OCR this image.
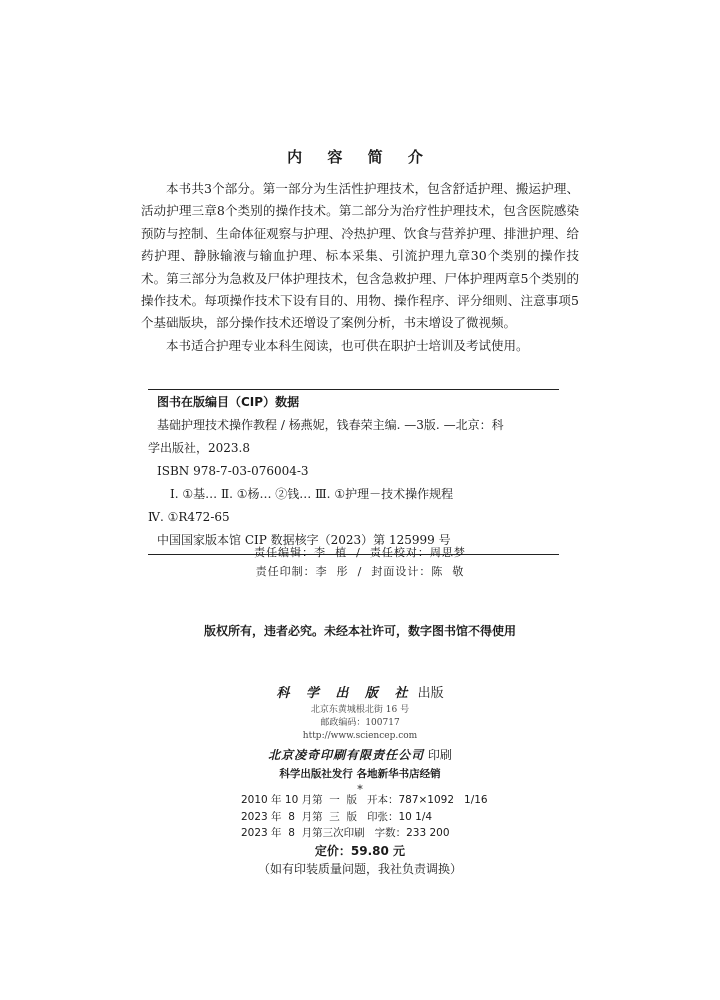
内 容 简 介

本书共3个部分。第一部分为生活性护理技术，包含舒适护理、搬运护理、活动护理三章8个类别的操作技术。第二部分为治疗性护理技术，包含医院感染预防与控制、生命体征观察与护理、冷热护理、饮食与营养护理、排泄护理、给药护理、静脉输液与输血护理、标本采集、引流护理九章30个类别的操作技术。第三部分为急救及尸体护理技术，包含急救护理、尸体护理两章5个类别的操作技术。每项操作技术下设有目的、用物、操作程序、评分细则、注意事项5个基础版块，部分操作技术还增设了案例分析，书末增设了微视频。

本书适合护理专业本科生阅读，也可供在职护士培训及考试使用。

图书在版编目（CIP）数据
基础护理技术操作教程 / 杨燕妮，钱春荣主编. —3版. —北京：科
学出版社，2023.8
ISBN 978-7-03-076004-3
Ⅰ. ①基… Ⅱ. ①杨… ②钱… Ⅲ. ①护理－技术操作规程
Ⅳ. ①R472-65
中国国家版本馆 CIP 数据核字（2023）第 125999 号
责任编辑：李  植  /  责任校对：周思梦
责任印制：李  彤  /  封面设计：陈  敬
版权所有，违者必究。未经本社许可，数字图书馆不得使用
科 学 出 版 社 出版
北京东黄城根北街 16 号
邮政编码：100717
http://www.sciencep.com
北京凌奇印刷有限责任公司 印刷
科学出版社发行 各地新华书店经销
*
2010 年 10 月第  一  版   开本：787×1092   1/16
2023 年  8  月第  三  版   印张：10 1/4
2023 年  8  月第三次印刷   字数：233 200
定价：59.80 元
（如有印装质量问题，我社负责调换）
